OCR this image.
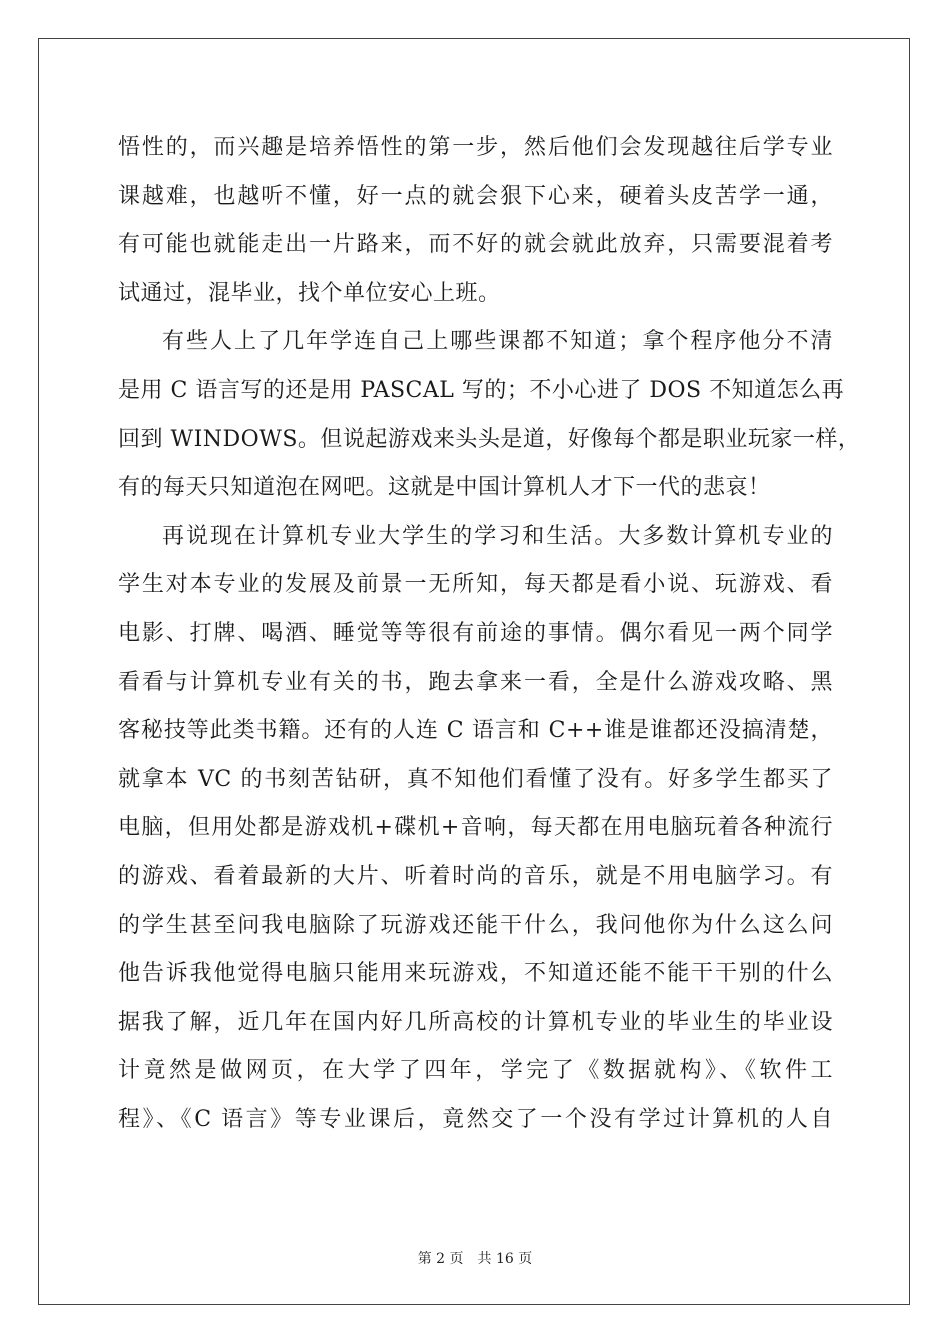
悟性的，而兴趣是培养悟性的第一步，然后他们会发现越往后学专业
课越难，也越听不懂，好一点的就会狠下心来，硬着头皮苦学一通，
有可能也就能走出一片路来，而不好的就会就此放弃，只需要混着考
试通过，混毕业，找个单位安心上班。
有些人上了几年学连自己上哪些课都不知道；拿个程序他分不清
是用 C 语言写的还是用 PASCAL 写的；不小心进了 DOS 不知道怎么再
回到 WINDOWS。但说起游戏来头头是道，好像每个都是职业玩家一样，
有的每天只知道泡在网吧。这就是中国计算机人才下一代的悲哀！
再说现在计算机专业大学生的学习和生活。大多数计算机专业的
学生对本专业的发展及前景一无所知，每天都是看小说、玩游戏、看
电影、打牌、喝酒、睡觉等等很有前途的事情。偶尔看见一两个同学
看看与计算机专业有关的书，跑去拿来一看，全是什么游戏攻略、黑
客秘技等此类书籍。还有的人连 C 语言和 C++谁是谁都还没搞清楚，
就拿本 VC 的书刻苦钻研，真不知他们看懂了没有。好多学生都买了
电脑，但用处都是游戏机+碟机+音响，每天都在用电脑玩着各种流行
的游戏、看着最新的大片、听着时尚的音乐，就是不用电脑学习。有
的学生甚至问我电脑除了玩游戏还能干什么，我问他你为什么这么问
他告诉我他觉得电脑只能用来玩游戏，不知道还能不能干干别的什么
据我了解，近几年在国内好几所高校的计算机专业的毕业生的毕业设
计竟然是做网页，在大学了四年，学完了《数据就构》、《软件工
程》、《C 语言》等专业课后，竟然交了一个没有学过计算机的人自
第 2 页 共 16 页
